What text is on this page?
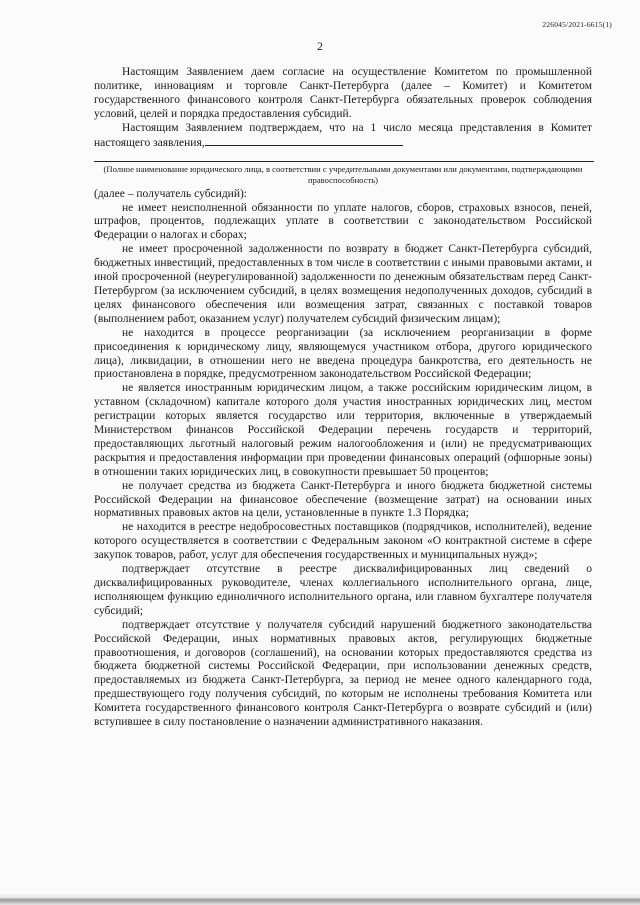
226045/2021-6615(1)
2

Настоящим Заявлением даем согласие на осуществление Комитетом по промышленной политике, инновациям и торговле Санкт-Петербурга (далее – Комитет) и Комитетом государственного финансового контроля Санкт-Петербурга обязательных проверок соблюдения условий, целей и порядка предоставления субсидий.

Настоящим Заявлением подтверждаем, что на 1 число месяца представления в Комитет настоящего заявления,

(Полное наименование юридического лица, в соответствии с учредительными документами или документами, подтверждающими правоспособность)

(далее – получатель субсидий):

не имеет неисполненной обязанности по уплате налогов, сборов, страховых взносов, пеней, штрафов, процентов, подлежащих уплате в соответствии с законодательством Российской Федерации о налогах и сборах;

не имеет просроченной задолженности по возврату в бюджет Санкт-Петербурга субсидий, бюджетных инвестиций, предоставленных в том числе в соответствии с иными правовыми актами, и иной просроченной (неурегулированной) задолженности по денежным обязательствам перед Санкт-Петербургом (за исключением субсидий, в целях возмещения недополученных доходов, субсидий в целях финансового обеспечения или возмещения затрат, связанных с поставкой товаров (выполнением работ, оказанием услуг) получателем субсидий физическим лицам);

не находится в процессе реорганизации (за исключением реорганизации в форме присоединения к юридическому лицу, являющемуся участником отбора, другого юридического лица), ликвидации, в отношении него не введена процедура банкротства, его деятельность не приостановлена в порядке, предусмотренном законодательством Российской Федерации;

не является иностранным юридическим лицом, а также российским юридическим лицом, в уставном (складочном) капитале которого доля участия иностранных юридических лиц, местом регистрации которых является государство или территория, включенные в утверждаемый Министерством финансов Российской Федерации перечень государств и территорий, предоставляющих льготный налоговый режим налогообложения и (или) не предусматривающих раскрытия и предоставления информации при проведении финансовых операций (офшорные зоны) в отношении таких юридических лиц, в совокупности превышает 50 процентов;

не получает средства из бюджета Санкт-Петербурга и иного бюджета бюджетной системы Российской Федерации на финансовое обеспечение (возмещение затрат) на основании иных нормативных правовых актов на цели, установленные в пункте 1.3 Порядка;

не находится в реестре недобросовестных поставщиков (подрядчиков, исполнителей), ведение которого осуществляется в соответствии с Федеральным законом «О контрактной системе в сфере закупок товаров, работ, услуг для обеспечения государственных и муниципальных нужд»;

подтверждает отсутствие в реестре дисквалифицированных лиц сведений о дисквалифицированных руководителе, членах коллегиального исполнительного органа, лице, исполняющем функцию единоличного исполнительного органа, или главном бухгалтере получателя субсидий;

подтверждает отсутствие у получателя субсидий нарушений бюджетного законодательства Российской Федерации, иных нормативных правовых актов, регулирующих бюджетные правоотношения, и договоров (соглашений), на основании которых предоставляются средства из бюджета бюджетной системы Российской Федерации, при использовании денежных средств, предоставляемых из бюджета Санкт-Петербурга, за период не менее одного календарного года, предшествующего году получения субсидий, по которым не исполнены требования Комитета или Комитета государственного финансового контроля Санкт-Петербурга о возврате субсидий и (или) вступившее в силу постановление о назначении административного наказания.
